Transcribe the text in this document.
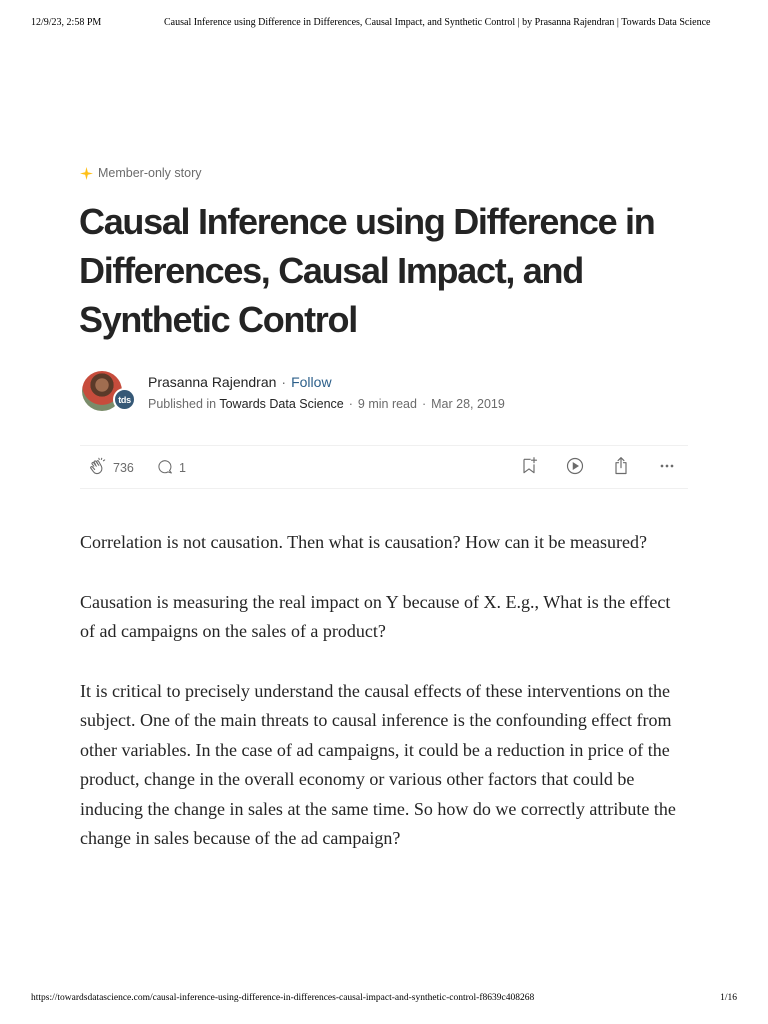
12/9/23, 2:58 PM	Causal Inference using Difference in Differences, Causal Impact, and Synthetic Control | by Prasanna Rajendran | Towards Data Science
Member-only story
Causal Inference using Difference in Differences, Causal Impact, and Synthetic Control
tds
Prasanna Rajendran · Follow
Published in Towards Data Science · 9 min read · Mar 28, 2019
736	1

Correlation is not causation. Then what is causation? How can it be measured?

Causation is measuring the real impact on Y because of X. E.g., What is the effect of ad campaigns on the sales of a product?

It is critical to precisely understand the causal effects of these interventions on the subject. One of the main threats to causal inference is the confounding effect from other variables. In the case of ad campaigns, it could be a reduction in price of the product, change in the overall economy or various other factors that could be inducing the change in sales at the same time. So how do we correctly attribute the change in sales because of the ad campaign?

https://towardsdatascience.com/causal-inference-using-difference-in-differences-causal-impact-and-synthetic-control-f8639c408268	1/16
